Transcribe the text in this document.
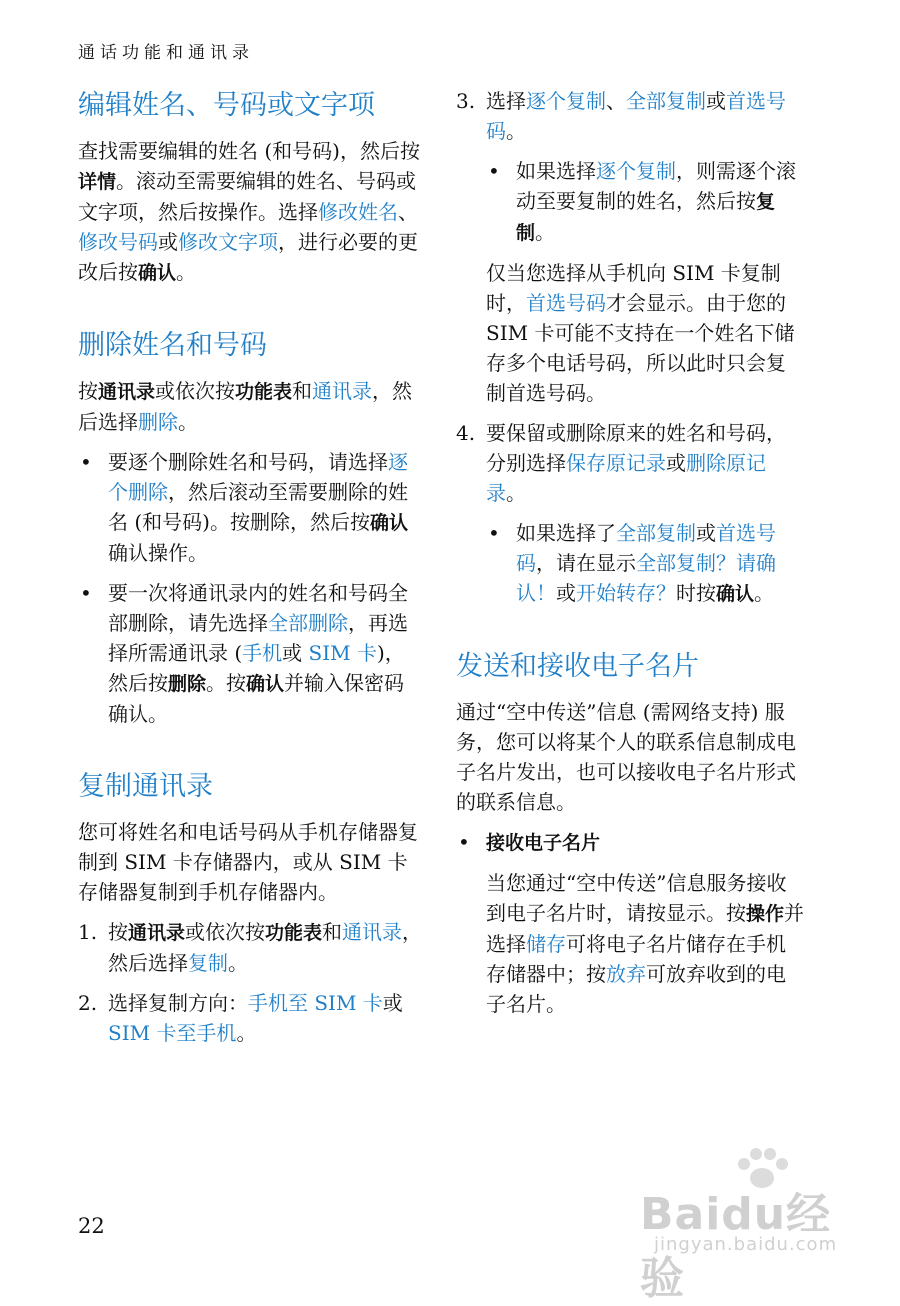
通话功能和通讯录
编辑姓名、号码或文字项

查找需要编辑的姓名 (和号码)，然后按详情。滚动至需要编辑的姓名、号码或文字项，然后按操作。选择修改姓名、修改号码或修改文字项，进行必要的更改后按确认。

删除姓名和号码

按通讯录或依次按功能表和通讯录，然后选择删除。

• 要逐个删除姓名和号码，请选择逐个删除，然后滚动至需要删除的姓名 (和号码)。按删除，然后按确认确认操作。
• 要一次将通讯录内的姓名和号码全部删除，请先选择全部删除，再选择所需通讯录 (手机或 SIM 卡)，然后按删除。按确认并输入保密码确认。
复制通讯录

您可将姓名和电话号码从手机存储器复制到 SIM 卡存储器内，或从 SIM 卡存储器复制到手机存储器内。

1. 按通讯录或依次按功能表和通讯录，然后选择复制。
2. 选择复制方向：手机至 SIM 卡或 SIM 卡至手机。
3. 选择逐个复制、全部复制或首选号码。
• 如果选择逐个复制，则需逐个滚动至要复制的姓名，然后按复制。

仅当您选择从手机向 SIM 卡复制时，首选号码才会显示。由于您的 SIM 卡可能不支持在一个姓名下储存多个电话号码，所以此时只会复制首选号码。

4. 要保留或删除原来的姓名和号码，分别选择保存原记录或删除原记录。
• 如果选择了全部复制或首选号码，请在显示全部复制？请确认！或开始转存？时按确认。
发送和接收电子名片

通过“空中传送”信息 (需网络支持) 服务，您可以将某个人的联系信息制成电子名片发出，也可以接收电子名片形式的联系信息。

• 接收电子名片

当您通过“空中传送”信息服务接收到电子名片时，请按显示。按操作并选择储存可将电子名片储存在手机存储器中；按放弃可放弃收到的电子名片。

Baidu经验
jingyan.baidu.com
22
